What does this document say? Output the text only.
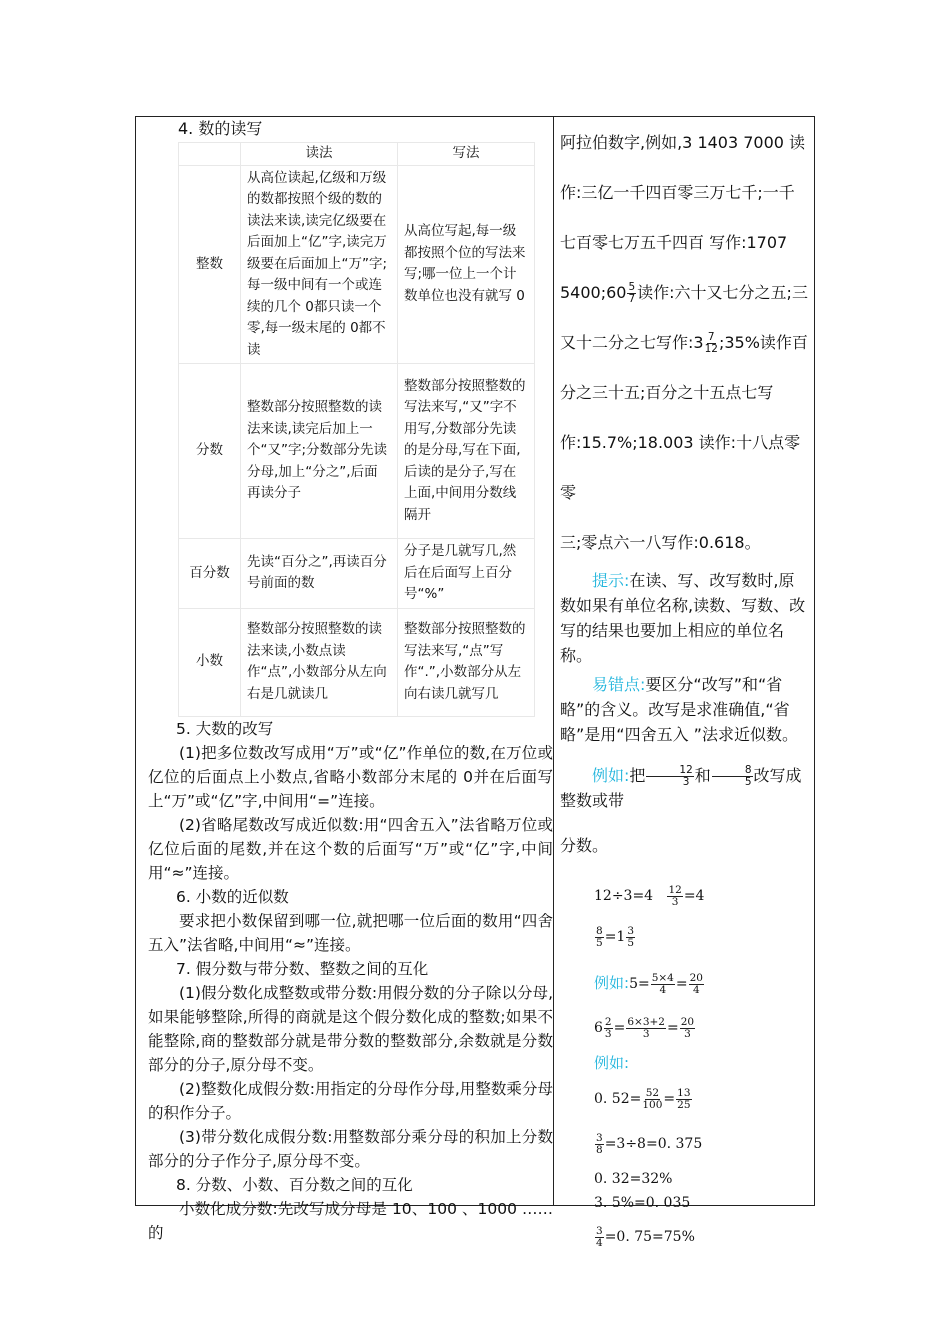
4. 数的读写
	读法	写法
整数	从高位读起,亿级和万级的数都按照个级的数的读法来读,读完亿级要在后面加上“亿”字,读完万级要在后面加上“万”字;每一级中间有一个或连续的几个 0都只读一个零,每一级末尾的 0都不读	从高位写起,每一级都按照个位的写法来写;哪一位上一个计数单位也没有就写 0
分数	整数部分按照整数的读法来读,读完后加上一个“又”字;分数部分先读分母,加上“分之”,后面再读分子	整数部分按照整数的写法来写,“又”字不用写,分数部分先读的是分母,写在下面,后读的是分子,写在上面,中间用分数线隔开
百分数	先读“百分之”,再读百分号前面的数	分子是几就写几,然后在后面写上百分号“%”
小数	整数部分按照整数的读法来读,小数点读作“点”,小数部分从左向右是几就读几	整数部分按照整数的写法来写,“点”写作“.”,小数部分从左向右读几就写几

5. 大数的改写

(1)把多位数改写成用“万”或“亿”作单位的数,在万位或亿位的后面点上小数点,省略小数部分末尾的 0并在后面写上“万”或“亿”字,中间用“=”连接。

(2)省略尾数改写成近似数:用“四舍五入”法省略万位或亿位后面的尾数,并在这个数的后面写“万”或“亿”字,中间用“≈”连接。

6. 小数的近似数

要求把小数保留到哪一位,就把哪一位后面的数用“四舍五入”法省略,中间用“≈”连接。

7. 假分数与带分数、整数之间的互化

(1)假分数化成整数或带分数:用假分数的分子除以分母,如果能够整除,所得的商就是这个假分数化成的整数;如果不能整除,商的整数部分就是带分数的整数部分,余数就是分数部分的分子,原分母不变。

(2)整数化成假分数:用指定的分母作分母,用整数乘分母的积作分子。

(3)带分数化成假分数:用整数部分乘分母的积加上分数部分的分子作分子,原分母不变。

8. 分数、小数、百分数之间的互化

小数化成分数:先改写成分母是 10、100 、1000 ……的

阿拉伯数字,例如,3 1403 7000 读

作:三亿一千四百零三万七千;一千

七百零七万五千四百 写作:1707

5400;60 $\frac{5}{7}$ 读作:六十又七分之五;三

又十二分之七写作:3 $\frac{7}{12}$ ;35%读作百

分之三十五;百分之十五点七写

作:15.7%;18.003 读作:十八点零零

三;零点六一八写作:0.618。

提示:在读、写、改写数时,原数如果有单位名称,读数、写数、改写的结果也要加上相应的单位名称。

易错点:要区分“改写”和“省略”的含义。改写是求准确值,“省略”是用“四舍五入 ”法求近似数。

例如:把 $\frac{12}{3}$ 和 $\frac{8}{5}$ 改写成整数或带

分数。

$12\div 3=4 \frac{12}{3} =4$

$\frac{8}{5} =1 \frac{3}{5}$

例如:5= $\frac{5\times 4}{4} = \frac{20}{4}$

$6 \frac{2}{3} = \frac{6\times 3+2}{3} = \frac{20}{3}$

例如:

0. $52= \frac{52}{100} = \frac{13}{25}$

$\frac{3}{8} =3\div 8=0$. 375

0. 32=32%

3. 5%=0. 035

$\frac{3}{4} =0$. 75=75%
